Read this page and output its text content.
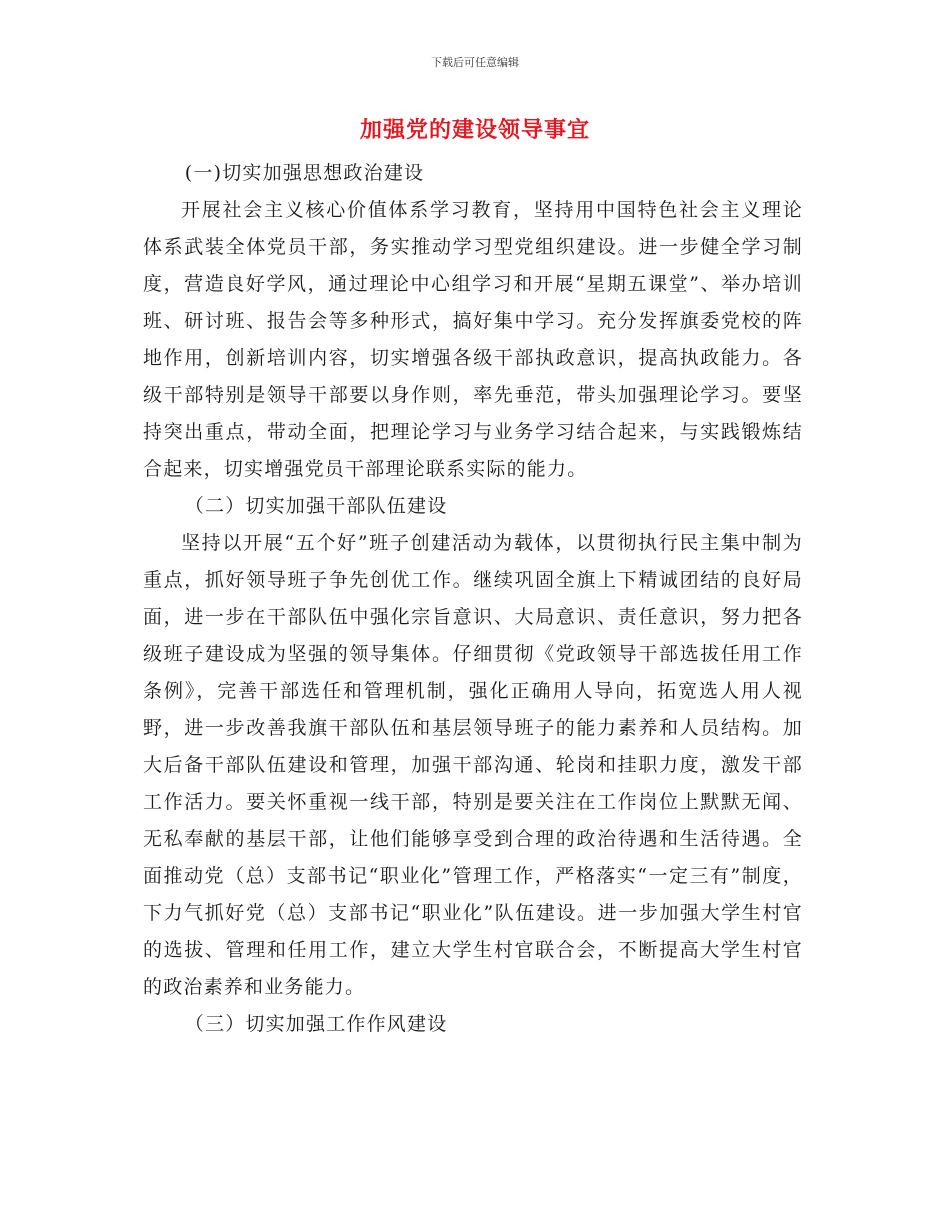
下载后可任意编辑
加强党的建设领导事宜

(一)切实加强思想政治建设

开展社会主义核心价值体系学习教育，坚持用中国特色社会主义理论体系武装全体党员干部，务实推动学习型党组织建设。进一步健全学习制度，营造良好学风，通过理论中心组学习和开展“星期五课堂”、举办培训班、研讨班、报告会等多种形式，搞好集中学习。充分发挥旗委党校的阵地作用，创新培训内容，切实增强各级干部执政意识，提高执政能力。各级干部特别是领导干部要以身作则，率先垂范，带头加强理论学习。要坚持突出重点，带动全面，把理论学习与业务学习结合起来，与实践锻炼结合起来，切实增强党员干部理论联系实际的能力。

（二）切实加强干部队伍建设

坚持以开展“五个好”班子创建活动为载体，以贯彻执行民主集中制为重点，抓好领导班子争先创优工作。继续巩固全旗上下精诚团结的良好局面，进一步在干部队伍中强化宗旨意识、大局意识、责任意识，努力把各级班子建设成为坚强的领导集体。仔细贯彻《党政领导干部选拔任用工作条例》，完善干部选任和管理机制，强化正确用人导向，拓宽选人用人视野，进一步改善我旗干部队伍和基层领导班子的能力素养和人员结构。加大后备干部队伍建设和管理，加强干部沟通、轮岗和挂职力度，激发干部工作活力。要关怀重视一线干部，特别是要关注在工作岗位上默默无闻、无私奉献的基层干部，让他们能够享受到合理的政治待遇和生活待遇。全面推动党（总）支部书记“职业化”管理工作，严格落实“一定三有”制度，下力气抓好党（总）支部书记“职业化”队伍建设。进一步加强大学生村官的选拔、管理和任用工作，建立大学生村官联合会，不断提高大学生村官的政治素养和业务能力。

（三）切实加强工作作风建设
